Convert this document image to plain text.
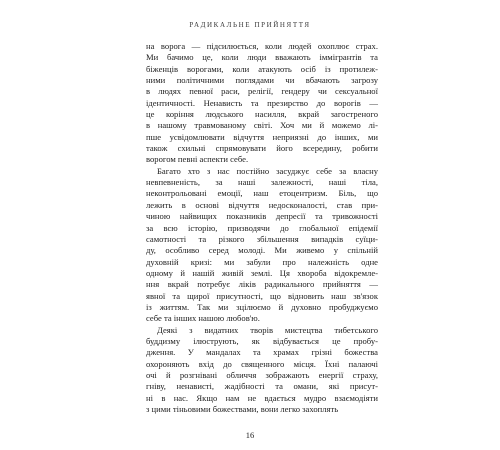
РАДИКАЛЬНЕ ПРИЙНЯТТЯ

на ворога — підсилюється, коли людей охоплює страх.
Ми бачимо це, коли люди вважають іммігрантів та
біженців ворогами, коли атакують осіб із протилеж-
ними політичними поглядами чи вбачають загрозу
в людях певної раси, релігії, гендеру чи сексуальної
ідентичності. Ненависть та презирство до ворогів —
це коріння людського насилля, вкрай загостреного
в нашому травмованому світі. Хоч ми й можемо лі-
пше усвідомлювати відчуття неприязні до інших, ми
також схильні спрямовувати його всередину, робити
ворогом певні аспекти себе.

Багато хто з нас постійно засуджує себе за власну
невпевненість, за наші залежності, наші тіла,
неконтрольовані емоції, наш етоцентризм. Біль, що
лежить в основі відчуття недосконалості, став при-
чиною найвищих показників депресії та тривожності
за всю історію, призводячи до глобальної епідемії
самотності та різкого збільшення випадків суїци-
ду, особливо серед молоді. Ми живемо у спільній
духовній кризі: ми забули про належність одне
одному й нашій живій землі. Ця хвороба відокремле-
ння вкрай потребує ліків радикального прийняття —
явної та щирої присутності, що відновить наш зв'язок
із життям. Так ми зцілюємо й духовно пробуджуємо
себе та інших нашою любов'ю.

Деякі з видатних творів мистецтва тибетського
буддизму ілюструють, як відбувається це пробу-
дження. У мандалах та храмах грізні божества
охороняють вхід до священного місця. Їхні палаючі
очі й розгнівані обличчя зображають енергії страху,
гніву, ненависті, жадібності та омани, які присут-
ні в нас. Якщо нам не вдається мудро взаємодіяти
з цими тіньовими божествами, вони легко захоплять

16
